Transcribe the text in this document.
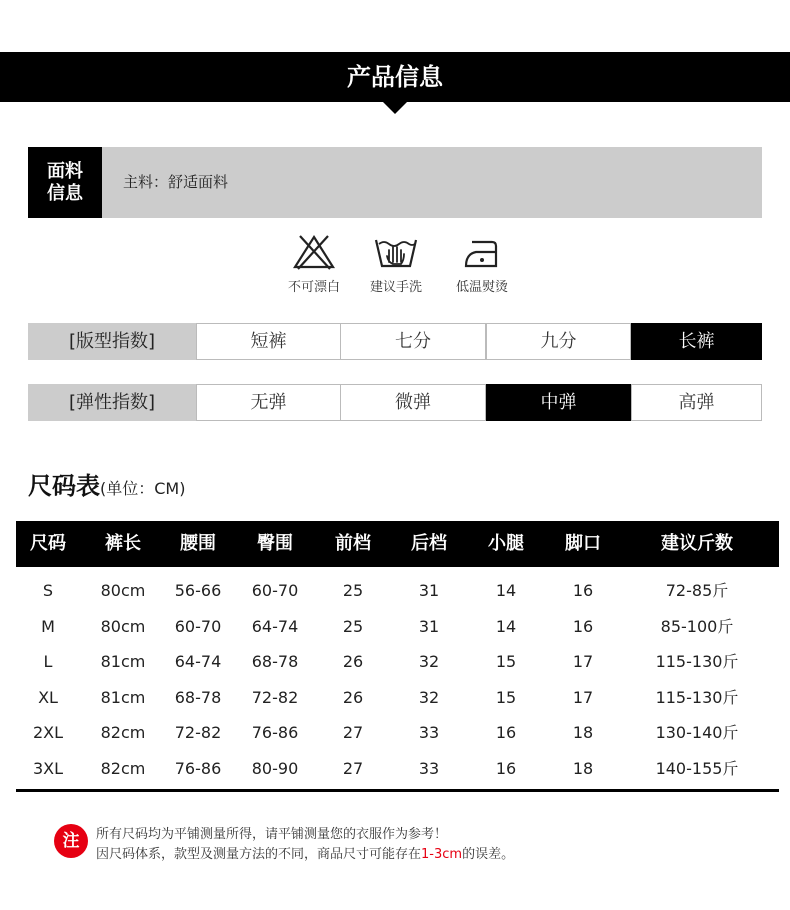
产品信息
面料
信息
主料：舒适面料
不可漂白	建议手洗	低温熨烫
[版型指数]	短裤	七分	九分	长裤
[弹性指数]	无弹	微弹	中弹	高弹
尺码表(单位：CM)
尺码 裤长 腰围 臀围 前档 后档 小腿 脚口	建议斤数
S	80cm 56-66 60-70	25	31	14	16	72-85斤
M	80cm 60-70 64-74	25	31	14	16	85-100斤
L	81cm 64-74 68-78	26	32	15	17	115-130斤
XL	81cm 68-78 72-82	26	32	15	17	115-130斤
2XL 82cm 72-82 76-86	27	33	16	18	130-140斤
3XL 82cm 76-86 80-90	27	33	16	18	140-155斤
注	所有尺码均为平铺测量所得，请平铺测量您的衣服作为参考！
因尺码体系，款型及测量方法的不同，商品尺寸可能存在1-3cm的误差。
